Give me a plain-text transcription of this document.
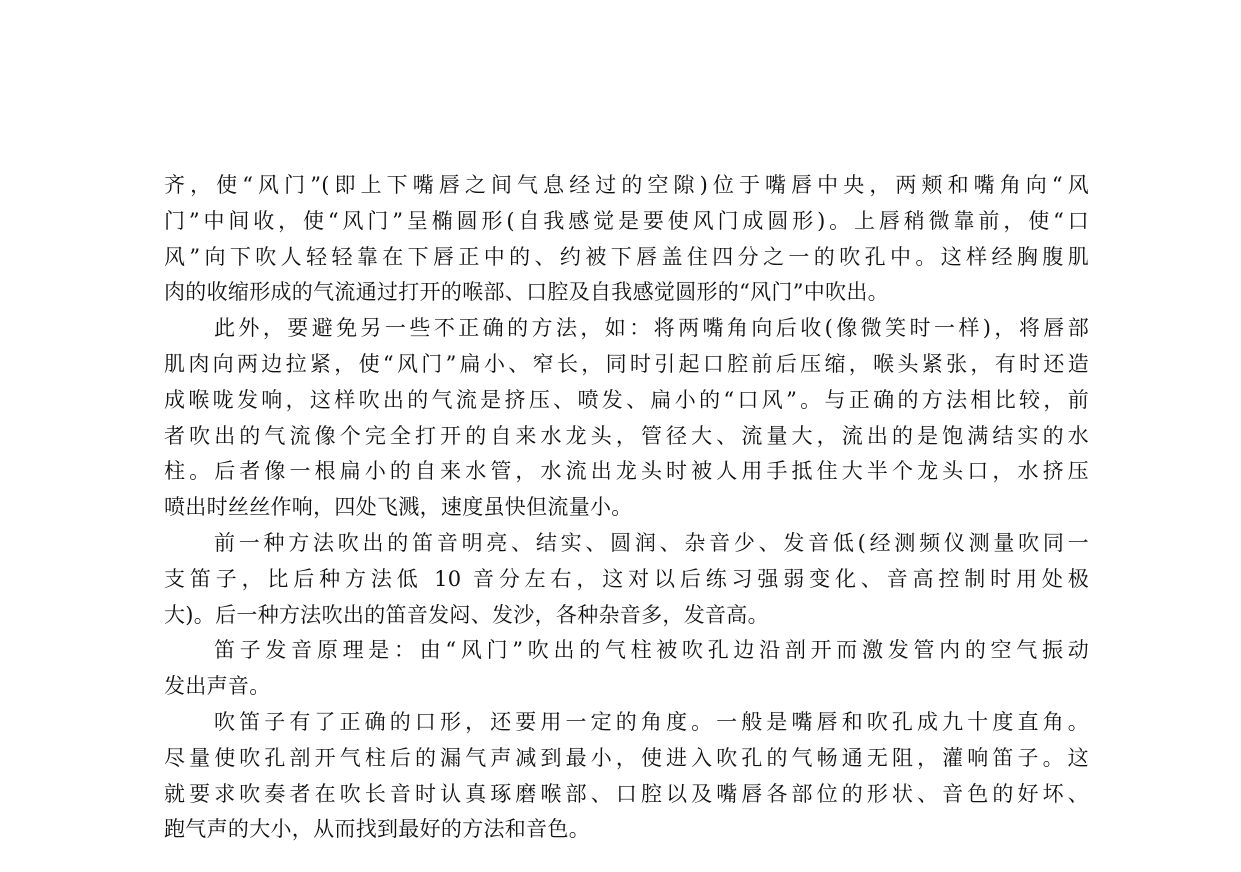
齐，使“风门”(即上下嘴唇之间气息经过的空隙)位于嘴唇中央，两颊和嘴角向“风
门”中间收，使“风门”呈椭圆形(自我感觉是要使风门成圆形)。上唇稍微靠前，使“口
风”向下吹人轻轻靠在下唇正中的、约被下唇盖住四分之一的吹孔中。这样经胸腹肌
肉的收缩形成的气流通过打开的喉部、口腔及自我感觉圆形的“风门”中吹出。
此外，要避免另一些不正确的方法，如：将两嘴角向后收(像微笑时一样)，将唇部
肌肉向两边拉紧，使“风门”扁小、窄长，同时引起口腔前后压缩，喉头紧张，有时还造
成喉咙发响，这样吹出的气流是挤压、喷发、扁小的“口风”。与正确的方法相比较，前
者吹出的气流像个完全打开的自来水龙头，管径大、流量大，流出的是饱满结实的水
柱。后者像一根扁小的自来水管，水流出龙头时被人用手抵住大半个龙头口，水挤压
喷出时丝丝作响，四处飞溅，速度虽快但流量小。
前一种方法吹出的笛音明亮、结实、圆润、杂音少、发音低(经测频仪测量吹同一
支笛子，比后种方法低 10 音分左右，这对以后练习强弱变化、音高控制时用处极
大)。后一种方法吹出的笛音发闷、发沙，各种杂音多，发音高。
笛子发音原理是：由“风门”吹出的气柱被吹孔边沿剖开而激发管内的空气振动
发出声音。
吹笛子有了正确的口形，还要用一定的角度。一般是嘴唇和吹孔成九十度直角。
尽量使吹孔剖开气柱后的漏气声减到最小，使进入吹孔的气畅通无阻，灌响笛子。这
就要求吹奏者在吹长音时认真琢磨喉部、口腔以及嘴唇各部位的形状、音色的好坏、
跑气声的大小，从而找到最好的方法和音色。
